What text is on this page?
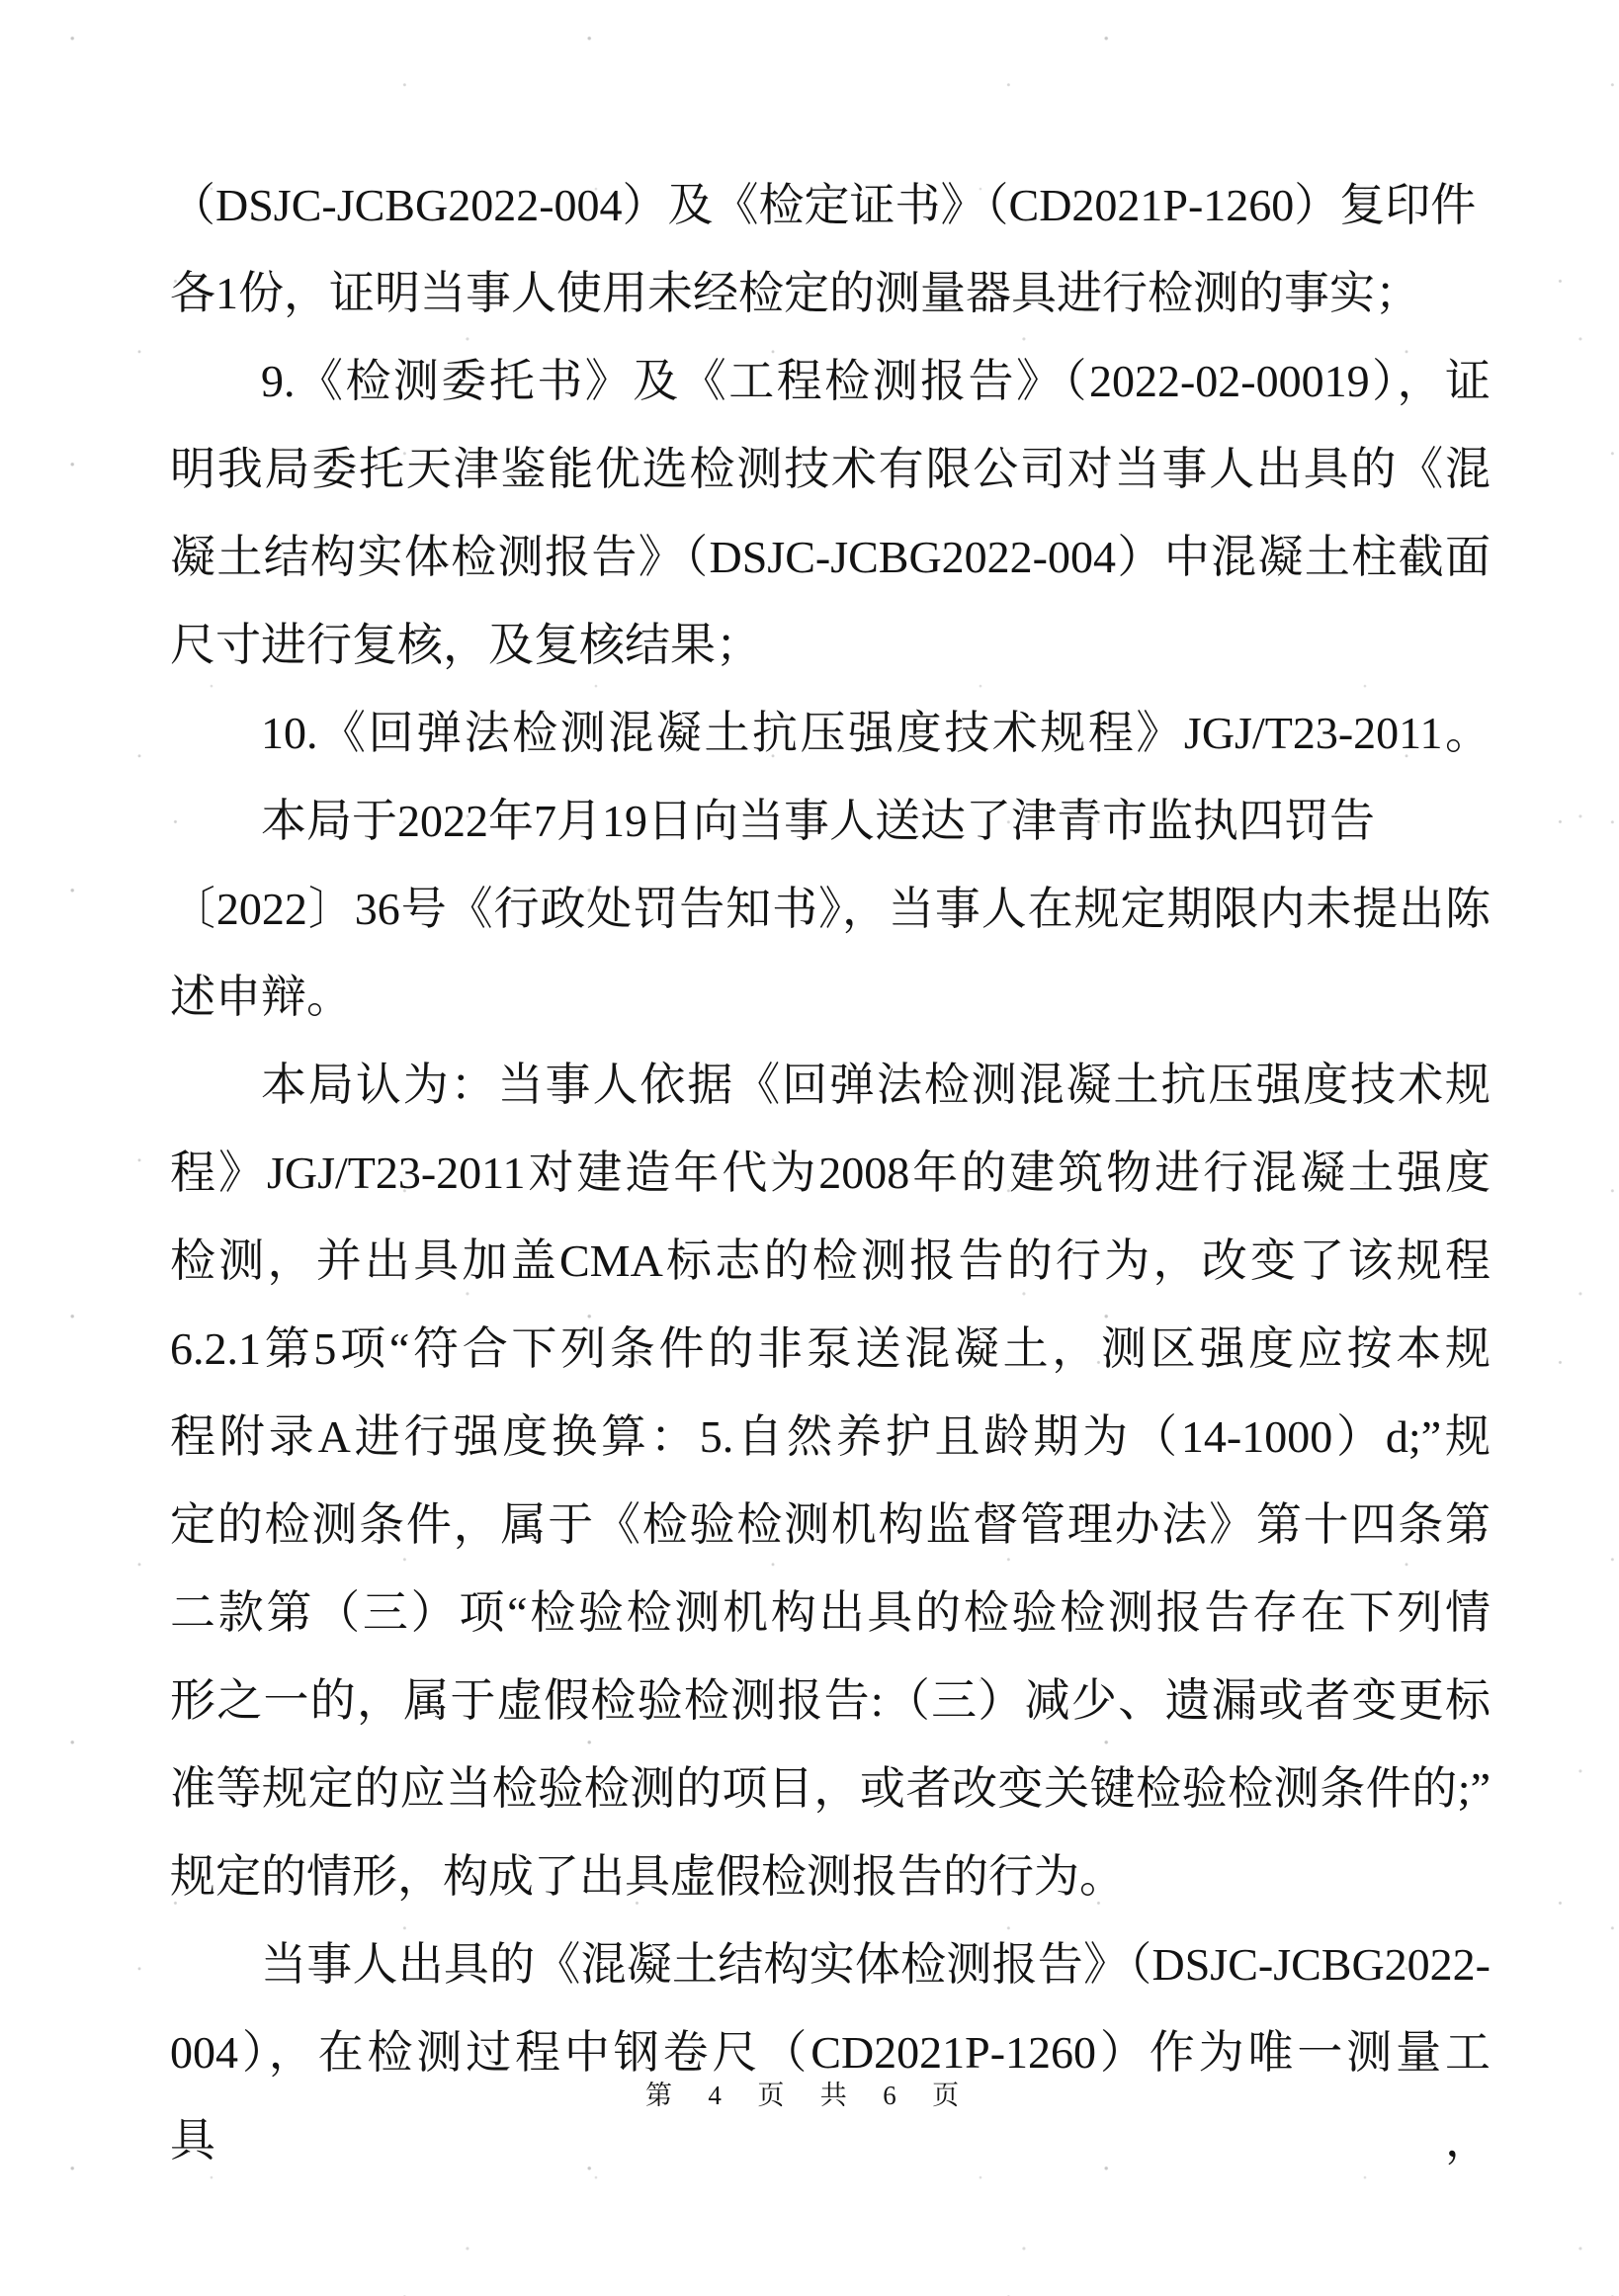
（DSJC-JCBG2022-004）及《检定证书》（CD2021P-1260）复印件
各1份，证明当事人使用未经检定的测量器具进行检测的事实；
9.《检测委托书》及《工程检测报告》（2022-02-00019），证
明我局委托天津鉴能优选检测技术有限公司对当事人出具的《混
凝土结构实体检测报告》（DSJC-JCBG2022-004）中混凝土柱截面
尺寸进行复核，及复核结果；
10.《回弹法检测混凝土抗压强度技术规程》JGJ/T23-2011。
本局于2022年7月19日向当事人送达了津青市监执四罚告
〔2022〕36号《行政处罚告知书》，当事人在规定期限内未提出陈
述申辩。
本局认为：当事人依据《回弹法检测混凝土抗压强度技术规
程》JGJ/T23-2011对建造年代为2008年的建筑物进行混凝土强度
检测，并出具加盖CMA标志的检测报告的行为，改变了该规程
6.2.1第5项“符合下列条件的非泵送混凝土，测区强度应按本规
程附录A进行强度换算：5.自然养护且龄期为（14-1000）d;”规
定的检测条件，属于《检验检测机构监督管理办法》第十四条第
二款第（三）项“检验检测机构出具的检验检测报告存在下列情
形之一的，属于虚假检验检测报告:（三）减少、遗漏或者变更标
准等规定的应当检验检测的项目，或者改变关键检验检测条件的;”
规定的情形，构成了出具虚假检测报告的行为。
当事人出具的《混凝土结构实体检测报告》（DSJC-JCBG2022-
004），在检测过程中钢卷尺（CD2021P-1260）作为唯一测量工具，
第 4 页 共 6 页
